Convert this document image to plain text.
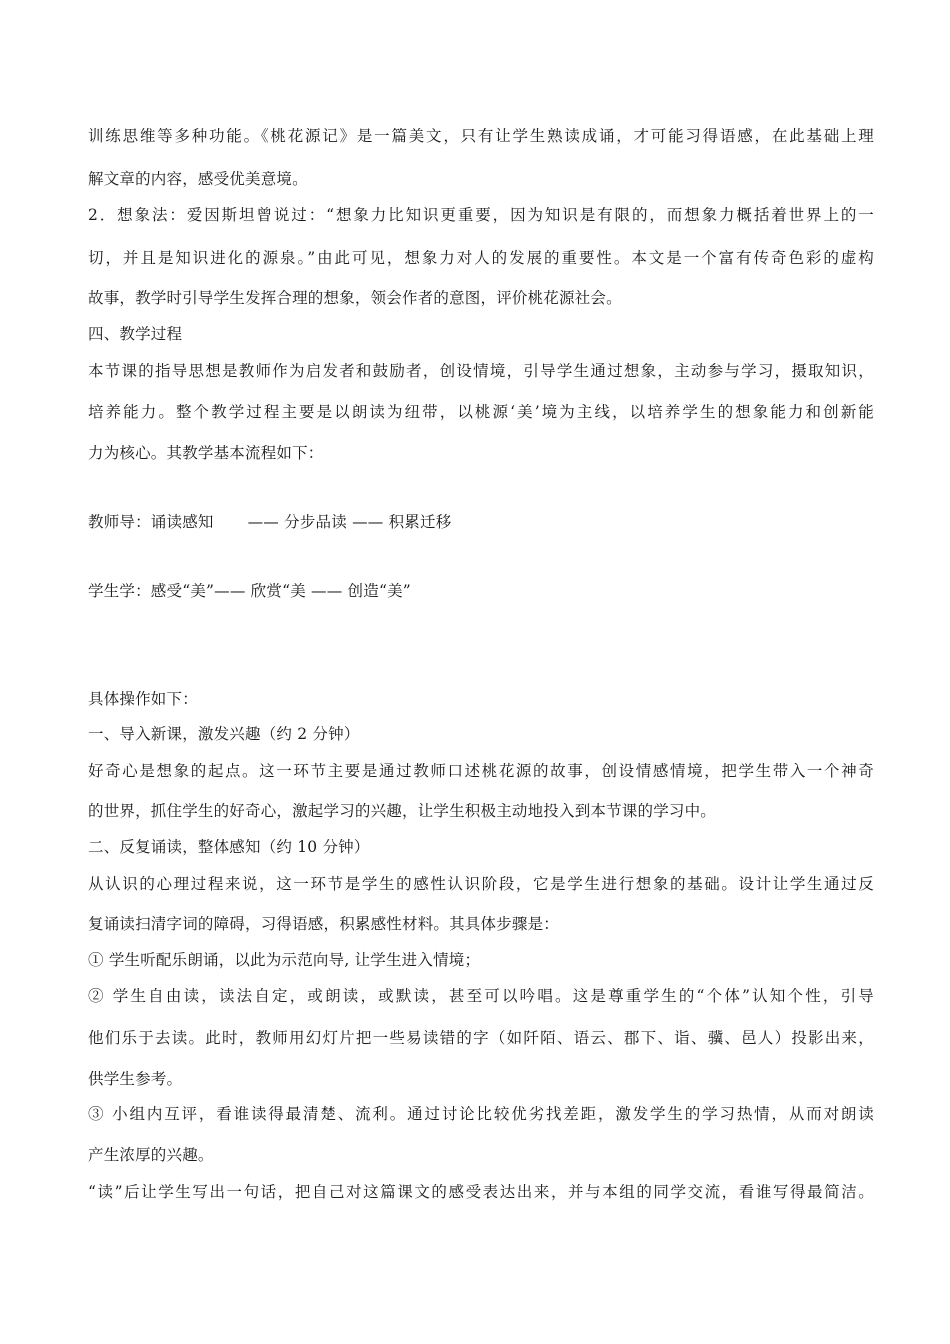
训练思维等多种功能。《桃花源记》是一篇美文，只有让学生熟读成诵，才可能习得语感，在此基础上理
解文章的内容，感受优美意境。
2．想象法：爱因斯坦曾说过：“想象力比知识更重要，因为知识是有限的，而想象力概括着世界上的一
切，并且是知识进化的源泉。”由此可见，想象力对人的发展的重要性。本文是一个富有传奇色彩的虚构
故事，教学时引导学生发挥合理的想象，领会作者的意图，评价桃花源社会。
四、教学过程
本节课的指导思想是教师作为启发者和鼓励者，创设情境，引导学生通过想象，主动参与学习，摄取知识，
培养能力。整个教学过程主要是以朗读为纽带，以桃源‘美’境为主线，以培养学生的想象能力和创新能
力为核心。其教学基本流程如下：
教师导：诵读感知 —— 分步品读 —— 积累迁移
学生学：感受“美”—— 欣赏“美 —— 创造“美”
具体操作如下：
一、导入新课，激发兴趣（约 2 分钟）
好奇心是想象的起点。这一环节主要是通过教师口述桃花源的故事，创设情感情境，把学生带入一个神奇
的世界，抓住学生的好奇心，激起学习的兴趣，让学生积极主动地投入到本节课的学习中。
二、反复诵读，整体感知（约 10 分钟）
从认识的心理过程来说，这一环节是学生的感性认识阶段，它是学生进行想象的基础。设计让学生通过反
复诵读扫清字词的障碍，习得语感，积累感性材料。其具体步骤是：
① 学生听配乐朗诵，以此为示范向导, 让学生进入情境；
② 学生自由读，读法自定，或朗读，或默读，甚至可以吟唱。这是尊重学生的“个体”认知个性，引导
他们乐于去读。此时，教师用幻灯片把一些易读错的字（如阡陌、语云、郡下、诣、骥、邑人）投影出来，
供学生参考。
③ 小组内互评，看谁读得最清楚、流利。通过讨论比较优劣找差距，激发学生的学习热情，从而对朗读
产生浓厚的兴趣。
“读”后让学生写出一句话，把自己对这篇课文的感受表达出来，并与本组的同学交流，看谁写得最简洁。
